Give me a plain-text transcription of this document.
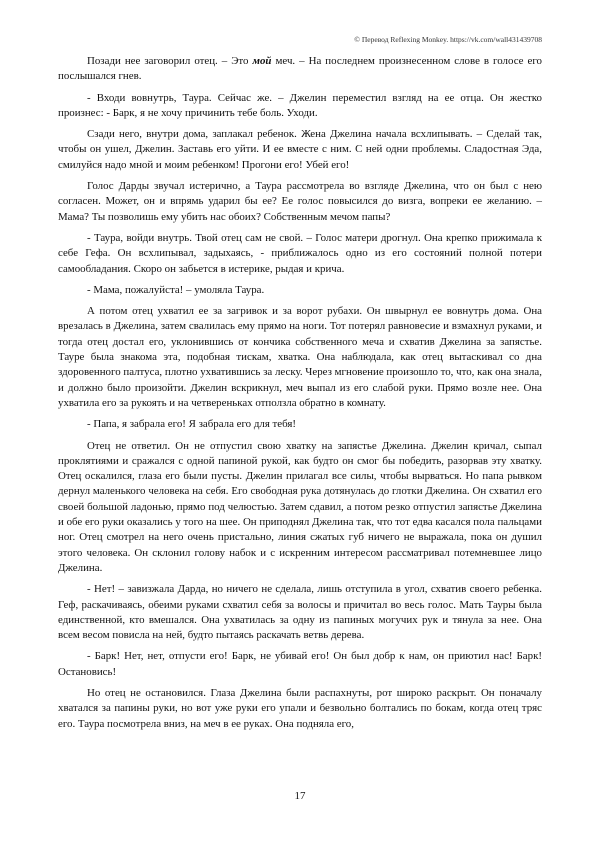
© Перевод Reflexing Monkey. https://vk.com/wall431439708

Позади нее заговорил отец. – Это мой меч. – На последнем произнесенном слове в голосе его послышался гнев.

- Входи вовнутрь, Таура. Сейчас же. – Джелин переместил взгляд на ее отца. Он жестко произнес: - Барк, я не хочу причинить тебе боль. Уходи.

Сзади него, внутри дома, заплакал ребенок. Жена Джелина начала всхлипывать. – Сделай так, чтобы он ушел, Джелин. Заставь его уйти. И ее вместе с ним. С ней одни проблемы. Сладостная Эда, смилуйся надо мной и моим ребенком! Прогони его! Убей его!

Голос Дарды звучал истерично, а Таура рассмотрела во взгляде Джелина, что он был с нею согласен. Может, он и впрямь ударил бы ее? Ее голос повысился до визга, вопреки ее желанию. – Мама? Ты позволишь ему убить нас обоих? Собственным мечом папы?

- Таура, войди внутрь. Твой отец сам не свой. – Голос матери дрогнул. Она крепко прижимала к себе Гефа. Он всхлипывал, задыхаясь, - приближалось одно из его состояний полной потери самообладания. Скоро он забьется в истерике, рыдая и крича.

- Мама, пожалуйста! – умоляла Таура.

А потом отец ухватил ее за загривок и за ворот рубахи. Он швырнул ее вовнутрь дома. Она врезалась в Джелина, затем свалилась ему прямо на ноги. Тот потерял равновесие и взмахнул руками, и тогда отец достал его, уклонившись от кончика собственного меча и схватив Джелина за запястье. Тауре была знакома эта, подобная тискам, хватка. Она наблюдала, как отец вытаскивал со дна здоровенного палтуса, плотно ухватившись за леску. Через мгновение произошло то, что, как она знала, и должно было произойти. Джелин вскрикнул, меч выпал из его слабой руки. Прямо возле нее. Она ухватила его за рукоять и на четвереньках отползла обратно в комнату.

- Папа, я забрала его! Я забрала его для тебя!

Отец не ответил. Он не отпустил свою хватку на запястье Джелина. Джелин кричал, сыпал проклятиями и сражался с одной папиной рукой, как будто он смог бы победить, разорвав эту хватку. Отец оскалился, глаза его были пусты. Джелин прилагал все силы, чтобы вырваться. Но папа рывком дернул маленького человека на себя. Его свободная рука дотянулась до глотки Джелина. Он схватил его своей большой ладонью, прямо под челюстью. Затем сдавил, а потом резко отпустил запястье Джелина и обе его руки оказались у того на шее. Он приподнял Джелина так, что тот едва касался пола пальцами ног. Отец смотрел на него очень пристально, линия сжатых губ ничего не выражала, пока он душил этого человека. Он склонил голову набок и с искренним интересом рассматривал потемневшее лицо Джелина.

- Нет! – завизжала Дарда, но ничего не сделала, лишь отступила в угол, схватив своего ребенка. Геф, раскачиваясь, обеими руками схватил себя за волосы и причитал во весь голос. Мать Тауры была единственной, кто вмешался. Она ухватилась за одну из папиных могучих рук и тянула за нее. Она всем весом повисла на ней, будто пытаясь раскачать ветвь дерева.

- Барк! Нет, нет, отпусти его! Барк, не убивай его! Он был добр к нам, он приютил нас! Барк! Остановись!

Но отец не остановился. Глаза Джелина были распахнуты, рот широко раскрыт. Он поначалу хватался за папины руки, но вот уже руки его упали и безвольно болтались по бокам, когда отец тряс его. Таура посмотрела вниз, на меч в ее руках. Она подняла его,

17
